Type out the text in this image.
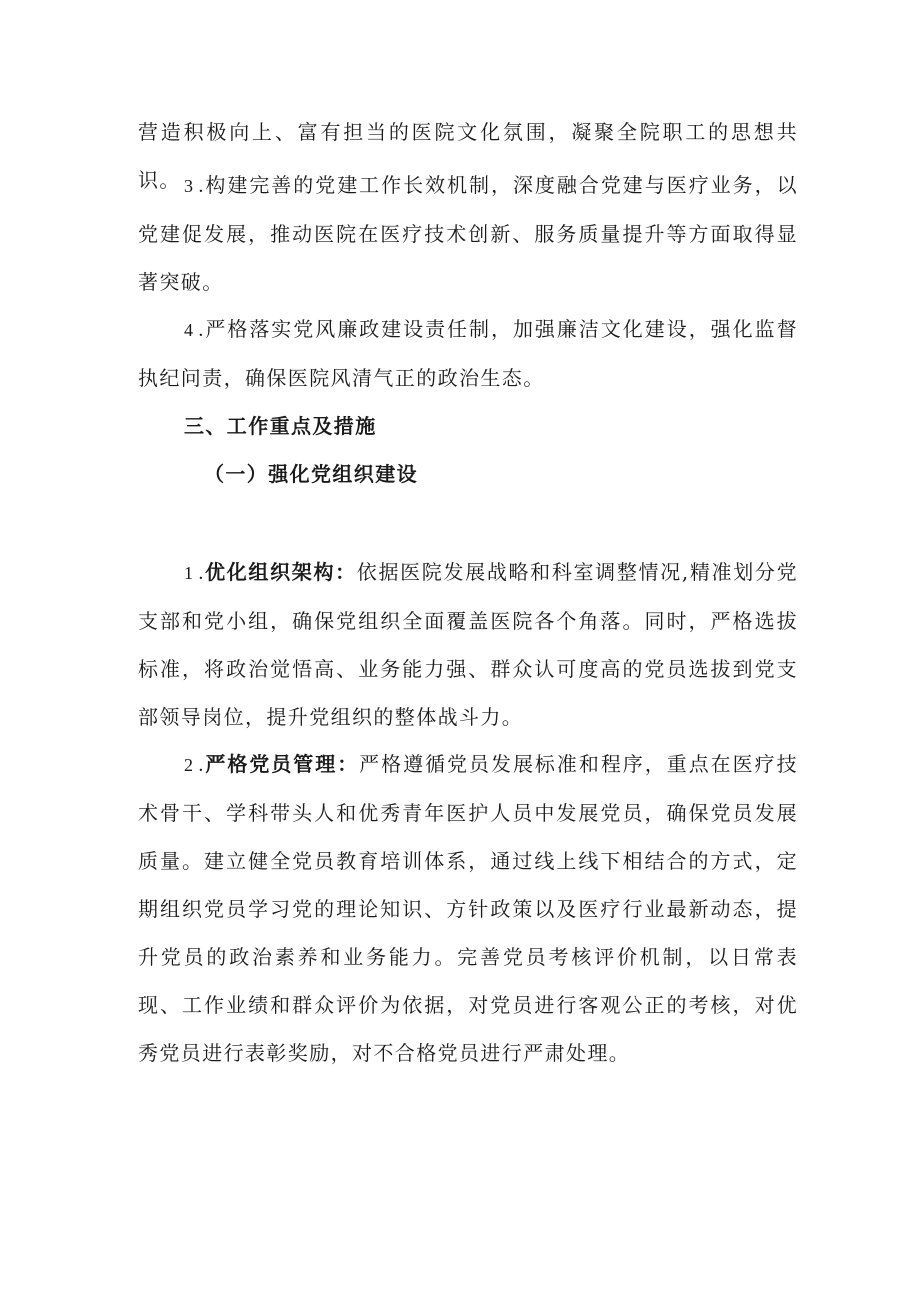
营造积极向上、富有担当的医院文化氛围，凝聚全院职工的思想共识。 3 .构建完善的党建工作长效机制，深度融合党建与医疗业务，以党建促发展，推动医院在医疗技术创新、服务质量提升等方面取得显著突破。

4 .严格落实党风廉政建设责任制，加强廉洁文化建设，强化监督执纪问责，确保医院风清气正的政治生态。

三、工作重点及措施
（一）强化党组织建设

1 .优化组织架构：依据医院发展战略和科室调整情况,精准划分党支部和党小组，确保党组织全面覆盖医院各个角落。同时，严格选拔标准，将政治觉悟高、业务能力强、群众认可度高的党员选拔到党支部领导岗位，提升党组织的整体战斗力。

2 .严格党员管理：严格遵循党员发展标准和程序，重点在医疗技术骨干、学科带头人和优秀青年医护人员中发展党员，确保党员发展质量。建立健全党员教育培训体系，通过线上线下相结合的方式，定期组织党员学习党的理论知识、方针政策以及医疗行业最新动态，提升党员的政治素养和业务能力。完善党员考核评价机制，以日常表现、工作业绩和群众评价为依据，对党员进行客观公正的考核，对优秀党员进行表彰奖励，对不合格党员进行严肃处理。
